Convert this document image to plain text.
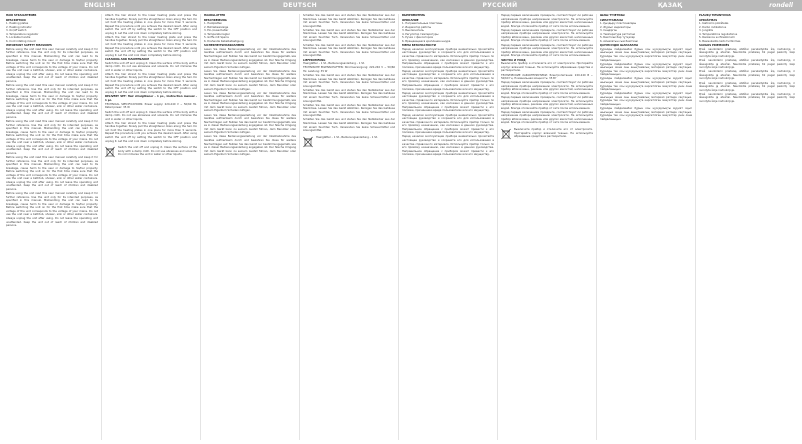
ENGLISH	DEUTSCH	РУССКИЙ	ҚАЗАҚ	rondell
HAIR STRAIGHTENER
DESCRIPTION
1. Heating plates
2. Heating indicator
3. On/off switch
4. Temperature regulator
5. Lockable handle
6. Cord rotating mount
IMPORTANT SAFETY MEASURES

Before using the unit read this user manual carefully and keep it for further reference. Use the unit only for its intended purposes, as specified in this manual. Mishandling the unit can lead to its breakage, cause harm to the user or damage to his/her property. Before switching the unit on for the first time make sure that the voltage of the unit corresponds to the voltage of your mains. Do not use the unit near a bathtub, shower, sink or other water containers. Always unplug the unit after using. Do not leave the operating unit unattended. Keep the unit out of reach of children and disabled persons.

Before using the unit read this user manual carefully and keep it for further reference. Use the unit only for its intended purposes, as specified in this manual. Mishandling the unit can lead to its breakage, cause harm to the user or damage to his/her property. Before switching the unit on for the first time make sure that the voltage of the unit corresponds to the voltage of your mains. Do not use the unit near a bathtub, shower, sink or other water containers. Always unplug the unit after using. Do not leave the operating unit unattended. Keep the unit out of reach of children and disabled persons.

Before using the unit read this user manual carefully and keep it for further reference. Use the unit only for its intended purposes, as specified in this manual. Mishandling the unit can lead to its breakage, cause harm to the user or damage to his/her property. Before switching the unit on for the first time make sure that the voltage of the unit corresponds to the voltage of your mains. Do not use the unit near a bathtub, shower, sink or other water containers. Always unplug the unit after using. Do not leave the operating unit unattended. Keep the unit out of reach of children and disabled persons.

Before using the unit read this user manual carefully and keep it for further reference. Use the unit only for its intended purposes, as specified in this manual. Mishandling the unit can lead to its breakage, cause harm to the user or damage to his/her property. Before switching the unit on for the first time make sure that the voltage of the unit corresponds to the voltage of your mains. Do not use the unit near a bathtub, shower, sink or other water containers. Always unplug the unit after using. Do not leave the operating unit unattended. Keep the unit out of reach of children and disabled persons.

Before using the unit read this user manual carefully and keep it for further reference. Use the unit only for its intended purposes, as specified in this manual. Mishandling the unit can lead to its breakage, cause harm to the user or damage to his/her property. Before switching the unit on for the first time make sure that the voltage of the unit corresponds to the voltage of your mains. Do not use the unit near a bathtub, shower, sink or other water containers. Always unplug the unit after using. Do not leave the operating unit unattended. Keep the unit out of reach of children and disabled persons.

Attach the hair strand to the lower heating plate and press the handles together. Slowly pull the straightener down along the hair. Do not hold the heating plates in one place for more than 5 seconds. Repeat the procedure until you achieve the desired result. After using switch the unit off by setting the switch to the OFF position and unplug it. Let the unit cool down completely before storing.

Attach the hair strand to the lower heating plate and press the handles together. Slowly pull the straightener down along the hair. Do not hold the heating plates in one place for more than 5 seconds. Repeat the procedure until you achieve the desired result. After using switch the unit off by setting the switch to the OFF position and unplug it. Let the unit cool down completely before storing.

CLEANING AND MAINTENANCE

Switch the unit off and unplug it. Clean the surface of the body with a damp cloth. Do not use abrasives and solvents. Do not immerse the unit in water or other liquids.

Attach the hair strand to the lower heating plate and press the handles together. Slowly pull the straightener down along the hair. Do not hold the heating plates in one place for more than 5 seconds. Repeat the procedure until you achieve the desired result. After using switch the unit off by setting the switch to the OFF position and unplug it. Let the unit cool down completely before storing.

DELIVERY SET: Hair straightener – 1 pc., Instruction manual – 1 pc.

TECHNICAL SPECIFICATIONS: Power supply: 220-240 V ~ 50/60 Hz. Rated power: 35 W

Switch the unit off and unplug it. Clean the surface of the body with a damp cloth. Do not use abrasives and solvents. Do not immerse the unit in water or other liquids.

Attach the hair strand to the lower heating plate and press the handles together. Slowly pull the straightener down along the hair. Do not hold the heating plates in one place for more than 5 seconds. Repeat the procedure until you achieve the desired result. After using switch the unit off by setting the switch to the OFF position and unplug it. Let the unit cool down completely before storing.

Switch the unit off and unplug it. Clean the surface of the body with a damp cloth. Do not use abrasives and solvents. Do not immerse the unit in water or other liquids.
HAARGLÄTTER
BESCHREIBUNG
1. Heizplatten
2. Betriebsanzeige
3. Ein-/Ausschalter
4. Temperaturregler
5. Griffe mit Sperre
6. Drehende Kabelbefestigung
SICHERHEITSMASSNAHMEN

Lesen Sie diese Bedienungsanleitung vor der Inbetriebnahme des Gerätes aufmerksam durch und bewahren Sie diese für weitere Nachschlagen auf. Nutzen Sie das Gerät nur bestimmungsgemäß, wie es in dieser Bedienungsanleitung angegeben ist. Der falsche Umgang mit dem Gerät kann zu seinem Ausfall führen, dem Benutzer oder seinem Eigentum Schaden zufügen.

Lesen Sie diese Bedienungsanleitung vor der Inbetriebnahme des Gerätes aufmerksam durch und bewahren Sie diese für weitere Nachschlagen auf. Nutzen Sie das Gerät nur bestimmungsgemäß, wie es in dieser Bedienungsanleitung angegeben ist. Der falsche Umgang mit dem Gerät kann zu seinem Ausfall führen, dem Benutzer oder seinem Eigentum Schaden zufügen.

Lesen Sie diese Bedienungsanleitung vor der Inbetriebnahme des Gerätes aufmerksam durch und bewahren Sie diese für weitere Nachschlagen auf. Nutzen Sie das Gerät nur bestimmungsgemäß, wie es in dieser Bedienungsanleitung angegeben ist. Der falsche Umgang mit dem Gerät kann zu seinem Ausfall führen, dem Benutzer oder seinem Eigentum Schaden zufügen.

Lesen Sie diese Bedienungsanleitung vor der Inbetriebnahme des Gerätes aufmerksam durch und bewahren Sie diese für weitere Nachschlagen auf. Nutzen Sie das Gerät nur bestimmungsgemäß, wie es in dieser Bedienungsanleitung angegeben ist. Der falsche Umgang mit dem Gerät kann zu seinem Ausfall führen, dem Benutzer oder seinem Eigentum Schaden zufügen.

Lesen Sie diese Bedienungsanleitung vor der Inbetriebnahme des Gerätes aufmerksam durch und bewahren Sie diese für weitere Nachschlagen auf. Nutzen Sie das Gerät nur bestimmungsgemäß, wie es in dieser Bedienungsanleitung angegeben ist. Der falsche Umgang mit dem Gerät kann zu seinem Ausfall führen, dem Benutzer oder seinem Eigentum Schaden zufügen.

Schalten Sie das Gerät aus und ziehen Sie den Netzstecker aus der Steckdose. Lassen Sie das Gerät abkühlen. Reinigen Sie das Gehäuse mit einem feuchten Tuch. Verwenden Sie keine Scheuermittel und Lösungsmittel.

Schalten Sie das Gerät aus und ziehen Sie den Netzstecker aus der Steckdose. Lassen Sie das Gerät abkühlen. Reinigen Sie das Gehäuse mit einem feuchten Tuch. Verwenden Sie keine Scheuermittel und Lösungsmittel.

Schalten Sie das Gerät aus und ziehen Sie den Netzstecker aus der Steckdose. Lassen Sie das Gerät abkühlen. Reinigen Sie das Gehäuse mit einem feuchten Tuch. Verwenden Sie keine Scheuermittel und Lösungsmittel.

LIEFERUMFANG

Haarglätter – 1 St., Bedienungsanleitung – 1 St.

TECHNISCHE EIGENSCHAFTEN: Stromversorgung: 220-240 V ~ 50/60 Hz. Leistung: 35 W

Schalten Sie das Gerät aus und ziehen Sie den Netzstecker aus der Steckdose. Lassen Sie das Gerät abkühlen. Reinigen Sie das Gehäuse mit einem feuchten Tuch. Verwenden Sie keine Scheuermittel und Lösungsmittel.

Schalten Sie das Gerät aus und ziehen Sie den Netzstecker aus der Steckdose. Lassen Sie das Gerät abkühlen. Reinigen Sie das Gehäuse mit einem feuchten Tuch. Verwenden Sie keine Scheuermittel und Lösungsmittel.

Schalten Sie das Gerät aus und ziehen Sie den Netzstecker aus der Steckdose. Lassen Sie das Gerät abkühlen. Reinigen Sie das Gehäuse mit einem feuchten Tuch. Verwenden Sie keine Scheuermittel und Lösungsmittel.

Schalten Sie das Gerät aus und ziehen Sie den Netzstecker aus der Steckdose. Lassen Sie das Gerät abkühlen. Reinigen Sie das Gehäuse mit einem feuchten Tuch. Verwenden Sie keine Scheuermittel und Lösungsmittel.

Haarglätter – 1 St., Bedienungsanleitung – 1 St.
ВЫПРЯМИТЕЛЬ
ОПИСАНИЕ
1. Нагревательные пластины
2. Индикатор работы
3. Выключатель
4. Регулятор температуры
5. Ручки с фиксатором
6. Вращающееся крепление шнура
МЕРЫ БЕЗОПАСНОСТИ

Перед началом эксплуатации прибора внимательно прочитайте настоящее руководство и сохраните его для использования в качестве справочного материала. Используйте прибор только по его прямому назначению, как изложено в данном руководстве. Неправильное обращение с прибором может привести к его поломке, причинению вреда пользователю или его имуществу.

Перед началом эксплуатации прибора внимательно прочитайте настоящее руководство и сохраните его для использования в качестве справочного материала. Используйте прибор только по его прямому назначению, как изложено в данном руководстве. Неправильное обращение с прибором может привести к его поломке, причинению вреда пользователю или его имуществу.

Перед началом эксплуатации прибора внимательно прочитайте настоящее руководство и сохраните его для использования в качестве справочного материала. Используйте прибор только по его прямому назначению, как изложено в данном руководстве. Неправильное обращение с прибором может привести к его поломке, причинению вреда пользователю или его имуществу.

Перед началом эксплуатации прибора внимательно прочитайте настоящее руководство и сохраните его для использования в качестве справочного материала. Используйте прибор только по его прямому назначению, как изложено в данном руководстве. Неправильное обращение с прибором может привести к его поломке, причинению вреда пользователю или его имуществу.

Перед началом эксплуатации прибора внимательно прочитайте настоящее руководство и сохраните его для использования в качестве справочного материала. Используйте прибор только по его прямому назначению, как изложено в данном руководстве. Неправильное обращение с прибором может привести к его поломке, причинению вреда пользователю или его имуществу.

Перед первым включением проверьте, соответствует ли рабочее напряжение прибора напряжению электросети. Не используйте прибор вблизи ванн, раковин или других емкостей, наполненных водой. Всегда отключайте прибор от сети после использования.

Перед первым включением проверьте, соответствует ли рабочее напряжение прибора напряжению электросети. Не используйте прибор вблизи ванн, раковин или других емкостей, наполненных водой. Всегда отключайте прибор от сети после использования.

Перед первым включением проверьте, соответствует ли рабочее напряжение прибора напряжению электросети. Не используйте прибор вблизи ванн, раковин или других емкостей, наполненных водой. Всегда отключайте прибор от сети после использования.

ЧИСТКА И УХОД

Выключите прибор и отключите его от электросети. Протирайте корпус влажной тканью. Не используйте абразивные средства и растворители.

ТЕХНИЧЕСКИЕ ХАРАКТЕРИСТИКИ: Электропитание: 220-240 В ~ 50/60 Гц. Номинальная мощность: 35 Вт

Перед первым включением проверьте, соответствует ли рабочее напряжение прибора напряжению электросети. Не используйте прибор вблизи ванн, раковин или других емкостей, наполненных водой. Всегда отключайте прибор от сети после использования.

Перед первым включением проверьте, соответствует ли рабочее напряжение прибора напряжению электросети. Не используйте прибор вблизи ванн, раковин или других емкостей, наполненных водой. Всегда отключайте прибор от сети после использования.

Перед первым включением проверьте, соответствует ли рабочее напряжение прибора напряжению электросети. Не используйте прибор вблизи ванн, раковин или других емкостей, наполненных водой. Всегда отключайте прибор от сети после использования.

Выключите прибор и отключите его от электросети. Протирайте корпус влажной тканью. Не используйте абразивные средства и растворители.
ШАШ ТҮЗЕТКІШ
СИПАТТАМАСЫ
1. Қыздыру пластиналары
2. Жұмыс индикаторы
3. Сөндіргіш
4. Температура реттегіші
5. Бекіткіші бар тұтқалар
6. Айналатын сым бекіткіші
ҚАУІПСІЗДІК ШАРАЛАРЫ

Құралды пайдаланбас бұрын осы нұсқаулықты мұқият оқып шығыңыз және оны анықтамалық материал ретінде сақтаңыз. Құралды тек осы нұсқаулықта көрсетілген мақсаттар үшін ғана пайдаланыңыз.

Құралды пайдаланбас бұрын осы нұсқаулықты мұқият оқып шығыңыз және оны анықтамалық материал ретінде сақтаңыз. Құралды тек осы нұсқаулықта көрсетілген мақсаттар үшін ғана пайдаланыңыз.

Құралды пайдаланбас бұрын осы нұсқаулықты мұқият оқып шығыңыз және оны анықтамалық материал ретінде сақтаңыз. Құралды тек осы нұсқаулықта көрсетілген мақсаттар үшін ғана пайдаланыңыз.

Құралды пайдаланбас бұрын осы нұсқаулықты мұқият оқып шығыңыз және оны анықтамалық материал ретінде сақтаңыз. Құралды тек осы нұсқаулықта көрсетілген мақсаттар үшін ғана пайдаланыңыз.

Құралды пайдаланбас бұрын осы нұсқаулықты мұқият оқып шығыңыз және оны анықтамалық материал ретінде сақтаңыз. Құралды тек осы нұсқаулықта көрсетілген мақсаттар үшін ғана пайдаланыңыз.

PLAUKŲ TIESINTUVAS
APRAŠYMAS
1. Kaitinimo plokštelės
2. Darbo indikatorius
3. Jungiklis
4. Temperatūros reguliatorius
5. Rankenos su fiksatoriumi
6. Besisukantis laido tvirtinimas
SAUGOS PRIEMONĖS

Prieš naudodami prietaisą atidžiai perskaitykite šią instrukciją ir išsaugokite ją ateičiai. Naudokite prietaisą tik pagal paskirtį, kaip nurodyta šioje instrukcijoje.

Prieš naudodami prietaisą atidžiai perskaitykite šią instrukciją ir išsaugokite ją ateičiai. Naudokite prietaisą tik pagal paskirtį, kaip nurodyta šioje instrukcijoje.

Prieš naudodami prietaisą atidžiai perskaitykite šią instrukciją ir išsaugokite ją ateičiai. Naudokite prietaisą tik pagal paskirtį, kaip nurodyta šioje instrukcijoje.

Prieš naudodami prietaisą atidžiai perskaitykite šią instrukciją ir išsaugokite ją ateičiai. Naudokite prietaisą tik pagal paskirtį, kaip nurodyta šioje instrukcijoje.

Prieš naudodami prietaisą atidžiai perskaitykite šią instrukciją ir išsaugokite ją ateičiai. Naudokite prietaisą tik pagal paskirtį, kaip nurodyta šioje instrukcijoje.
